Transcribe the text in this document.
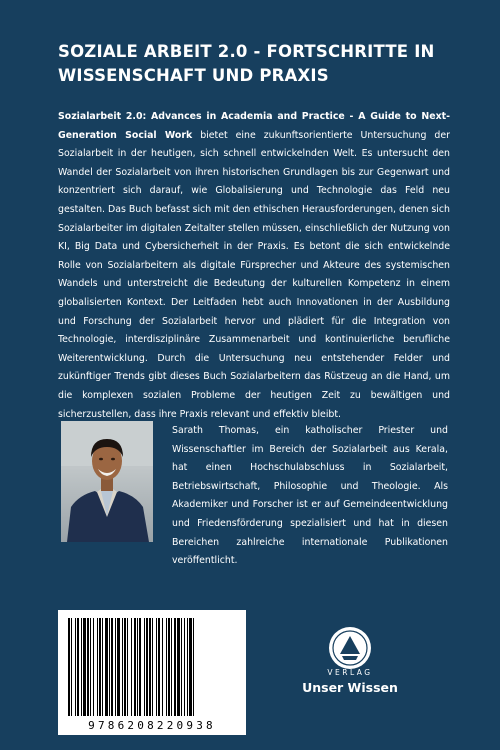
SOZIALE ARBEIT 2.0 - FORTSCHRITTE IN WISSENSCHAFT UND PRAXIS

Sozialarbeit 2.0: Advances in Academia and Practice - A Guide to Next-Generation Social Work bietet eine zukunftsorientierte Untersuchung der Sozialarbeit in der heutigen, sich schnell entwickelnden Welt. Es untersucht den Wandel der Sozialarbeit von ihren historischen Grundlagen bis zur Gegenwart und konzentriert sich darauf, wie Globalisierung und Technologie das Feld neu gestalten. Das Buch befasst sich mit den ethischen Herausforderungen, denen sich Sozialarbeiter im digitalen Zeitalter stellen müssen, einschließlich der Nutzung von KI, Big Data und Cybersicherheit in der Praxis. Es betont die sich entwickelnde Rolle von Sozialarbeitern als digitale Fürsprecher und Akteure des systemischen Wandels und unterstreicht die Bedeutung der kulturellen Kompetenz in einem globalisierten Kontext. Der Leitfaden hebt auch Innovationen in der Ausbildung und Forschung der Sozialarbeit hervor und plädiert für die Integration von Technologie, interdisziplinäre Zusammenarbeit und kontinuierliche berufliche Weiterentwicklung. Durch die Untersuchung neu entstehender Felder und zukünftiger Trends gibt dieses Buch Sozialarbeitern das Rüstzeug an die Hand, um die komplexen sozialen Probleme der heutigen Zeit zu bewältigen und sicherzustellen, dass ihre Praxis relevant und effektiv bleibt.

Sarath Thomas, ein katholischer Priester und Wissenschaftler im Bereich der Sozialarbeit aus Kerala, hat einen Hochschulabschluss in Sozialarbeit, Betriebswirtschaft, Philosophie und Theologie. Als Akademiker und Forscher ist er auf Gemeindeentwicklung und Friedensförderung spezialisiert und hat in diesen Bereichen zahlreiche internationale Publikationen veröffentlicht.

9786208220938
VERLAG
Unser Wissen
